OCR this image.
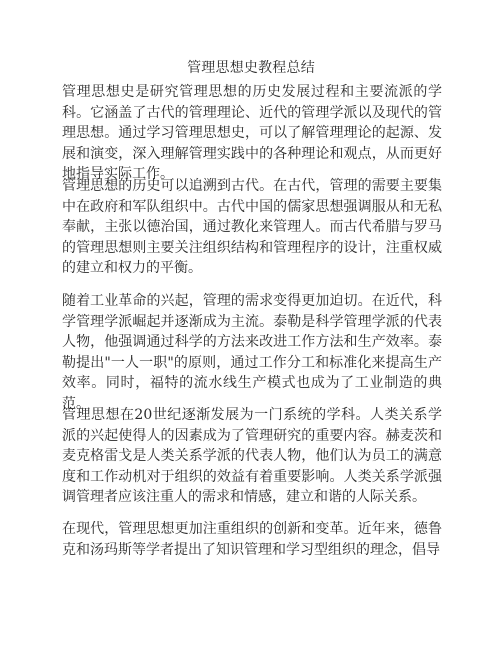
管理思想史教程总结

管理思想史是研究管理思想的历史发展过程和主要流派的学科。它涵盖了古代的管理理论、近代的管理学派以及现代的管理思想。通过学习管理思想史，可以了解管理理论的起源、发展和演变，深入理解管理实践中的各种理论和观点，从而更好地指导实际工作。

管理思想的历史可以追溯到古代。在古代，管理的需要主要集中在政府和军队组织中。古代中国的儒家思想强调服从和无私奉献，主张以德治国，通过教化来管理人。而古代希腊与罗马的管理思想则主要关注组织结构和管理程序的设计，注重权威的建立和权力的平衡。

随着工业革命的兴起，管理的需求变得更加迫切。在近代，科学管理学派崛起并逐渐成为主流。泰勒是科学管理学派的代表人物，他强调通过科学的方法来改进工作方法和生产效率。泰勒提出"一人一职"的原则，通过工作分工和标准化来提高生产效率。同时，福特的流水线生产模式也成为了工业制造的典范。

管理思想在20世纪逐渐发展为一门系统的学科。人类关系学派的兴起使得人的因素成为了管理研究的重要内容。赫麦茨和麦克格雷戈是人类关系学派的代表人物，他们认为员工的满意度和工作动机对于组织的效益有着重要影响。人类关系学派强调管理者应该注重人的需求和情感，建立和谐的人际关系。

在现代，管理思想更加注重组织的创新和变革。近年来，德鲁克和汤玛斯等学者提出了知识管理和学习型组织的理念，倡导
